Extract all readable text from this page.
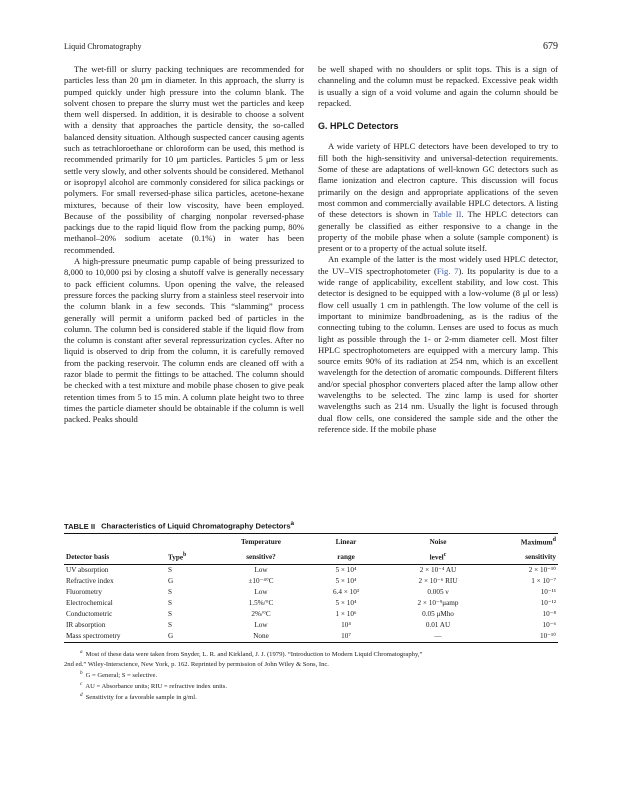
Liquid Chromatography	679

The wet-fill or slurry packing techniques are recommended for particles less than 20 μm in diameter. In this approach, the slurry is pumped quickly under high pressure into the column blank. The solvent chosen to prepare the slurry must wet the particles and keep them well dispersed. In addition, it is desirable to choose a solvent with a density that approaches the particle density, the so-called balanced density situation. Although suspected cancer causing agents such as tetrachloroethane or chloroform can be used, this method is recommended primarily for 10 μm particles. Particles 5 μm or less settle very slowly, and other solvents should be considered. Methanol or isopropyl alcohol are commonly considered for silica packings or polymers. For small reversed-phase silica particles, acetone-hexane mixtures, because of their low viscosity, have been employed. Because of the possibility of charging nonpolar reversed-phase packings due to the rapid liquid flow from the packing pump, 80% methanol–20% sodium acetate (0.1%) in water has been recommended.

A high-pressure pneumatic pump capable of being pressurized to 8,000 to 10,000 psi by closing a shutoff valve is generally necessary to pack efficient columns. Upon opening the valve, the released pressure forces the packing slurry from a stainless steel reservoir into the column blank in a few seconds. This “slamming” process generally will permit a uniform packed bed of particles in the column. The column bed is considered stable if the liquid flow from the column is constant after several repressurization cycles. After no liquid is observed to drip from the column, it is carefully removed from the packing reservoir. The column ends are cleaned off with a razor blade to permit the fittings to be attached. The column should be checked with a test mixture and mobile phase chosen to give peak retention times from 5 to 15 min. A column plate height two to three times the particle diameter should be obtainable if the column is well packed. Peaks should

be well shaped with no shoulders or split tops. This is a sign of channeling and the column must be repacked. Excessive peak width is usually a sign of a void volume and again the column should be repacked.

G. HPLC Detectors

A wide variety of HPLC detectors have been developed to try to fill both the high-sensitivity and universal-detection requirements. Some of these are adaptations of well-known GC detectors such as flame ionization and electron capture. This discussion will focus primarily on the design and appropriate applications of the seven most common and commercially available HPLC detectors. A listing of these detectors is shown in Table II. The HPLC detectors can generally be classified as either responsive to a change in the property of the mobile phase when a solute (sample component) is present or to a property of the actual solute itself.

An example of the latter is the most widely used HPLC detector, the UV–VIS spectrophotometer (Fig. 7). Its popularity is due to a wide range of applicability, excellent stability, and low cost. This detector is designed to be equipped with a low-volume (8 μl or less) flow cell usually 1 cm in pathlength. The low volume of the cell is important to minimize bandbroadening, as is the radius of the connecting tubing to the column. Lenses are used to focus as much light as possible through the 1- or 2-mm diameter cell. Most filter HPLC spectrophotometers are equipped with a mercury lamp. This source emits 90% of its radiation at 254 nm, which is an excellent wavelength for the detection of aromatic compounds. Different filters and/or special phosphor converters placed after the lamp allow other wavelengths to be selected. The zinc lamp is used for shorter wavelengths such as 214 nm. Usually the light is focused through dual flow cells, one considered the sample side and the other the reference side. If the mobile phase

TABLE II Characteristics of Liquid Chromatography Detectors$^a$
		Temperature	Linear	Noise	Maximum$^d$
Detector basis	Type$^b$	sensitive?	range	level$^c$	sensitivity
UV absorption	S	Low	5 × 10⁴	2 × 10⁻⁴ AU	2 × 10⁻¹⁰
Refractive index	G	±10⁻⁴°C	5 × 10⁴	2 × 10⁻⁶ RIU	1 × 10⁻⁷
Fluorometry	S	Low	6.4 × 10³	0.005 ν	10⁻¹¹
Electrochemical	S	1.5%/°C	5 × 10⁴	2 × 10⁻⁹μamp	10⁻¹²
Conductometric	S	2%/°C	1 × 10⁶	0.05 μMho	10⁻⁸
IR absorption	S	Low	10⁴	0.01 AU	10⁻⁶
Mass spectrometry	G	None	10⁷	—	10⁻¹⁰
$^a$ Most of these data were taken from Snyder, L. R. and Kirkland, J. J. (1979). “Introduction to Modern Liquid Chromatography,”
2nd ed.” Wiley-Interscience, New York, p. 162. Reprinted by permission of John Wiley & Sons, Inc.
$^b$ G = General; S = selective.
$^c$ AU = Absorbance units; RIU = refractive index units.
$^d$ Sensitivity for a favorable sample in g/ml.
